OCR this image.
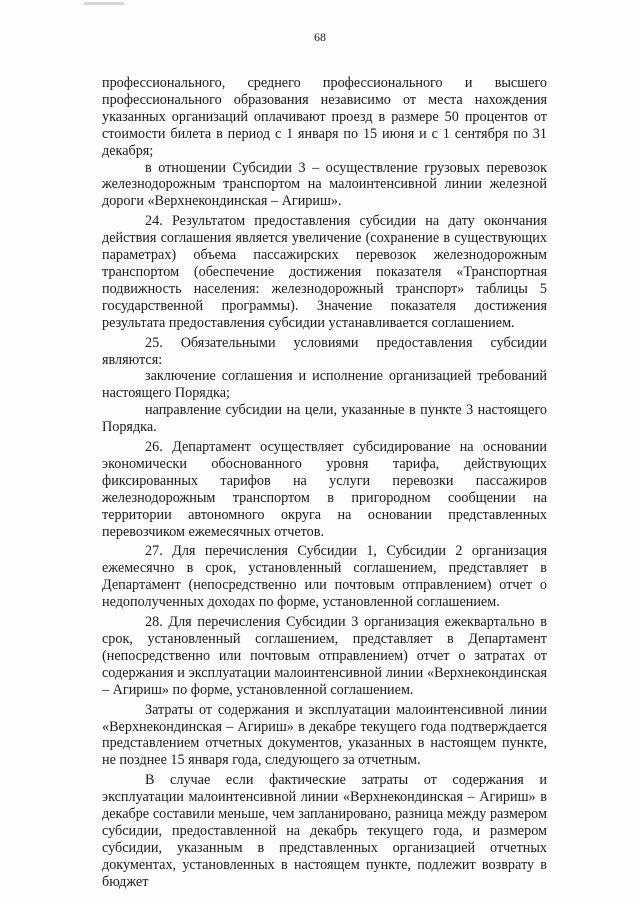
68

профессионального, среднего профессионального и высшего профессионального образования независимо от места нахождения указанных организаций оплачивают проезд в размере 50 процентов от стоимости билета в период с 1 января по 15 июня и с 1 сентября по 31 декабря;

в отношении Субсидии 3 – осуществление грузовых перевозок железнодорожным транспортом на малоинтенсивной линии железной дороги «Верхнекондинская – Агириш».

24. Результатом предоставления субсидии на дату окончания действия соглашения является увеличение (сохранение в существующих параметрах) объема пассажирских перевозок железнодорожным транспортом (обеспечение достижения показателя «Транспортная подвижность населения: железнодорожный транспорт» таблицы 5 государственной программы). Значение показателя достижения результата предоставления субсидии устанавливается соглашением.

25. Обязательными условиями предоставления субсидии являются:

заключение соглашения и исполнение организацией требований настоящего Порядка;

направление субсидии на цели, указанные в пункте 3 настоящего Порядка.

26. Департамент осуществляет субсидирование на основании экономически обоснованного уровня тарифа, действующих фиксированных тарифов на услуги перевозки пассажиров железнодорожным транспортом в пригородном сообщении на территории автономного округа на основании представленных перевозчиком ежемесячных отчетов.

27. Для перечисления Субсидии 1, Субсидии 2 организация ежемесячно в срок, установленный соглашением, представляет в Департамент (непосредственно или почтовым отправлением) отчет о недополученных доходах по форме, установленной соглашением.

28. Для перечисления Субсидии 3 организация ежеквартально в срок, установленный соглашением, представляет в Департамент (непосредственно или почтовым отправлением) отчет о затратах от содержания и эксплуатации малоинтенсивной линии «Верхнекондинская – Агириш» по форме, установленной соглашением.

Затраты от содержания и эксплуатации малоинтенсивной линии «Верхнекондинская – Агириш» в декабре текущего года подтверждается представлением отчетных документов, указанных в настоящем пункте, не позднее 15 января года, следующего за отчетным.

В случае если фактические затраты от содержания и эксплуатации малоинтенсивной линии «Верхнекондинская – Агириш» в декабре составили меньше, чем запланировано, разница между размером субсидии, предоставленной на декабрь текущего года, и размером субсидии, указанным в представленных организацией отчетных документах, установленных в настоящем пункте, подлежит возврату в бюджет
